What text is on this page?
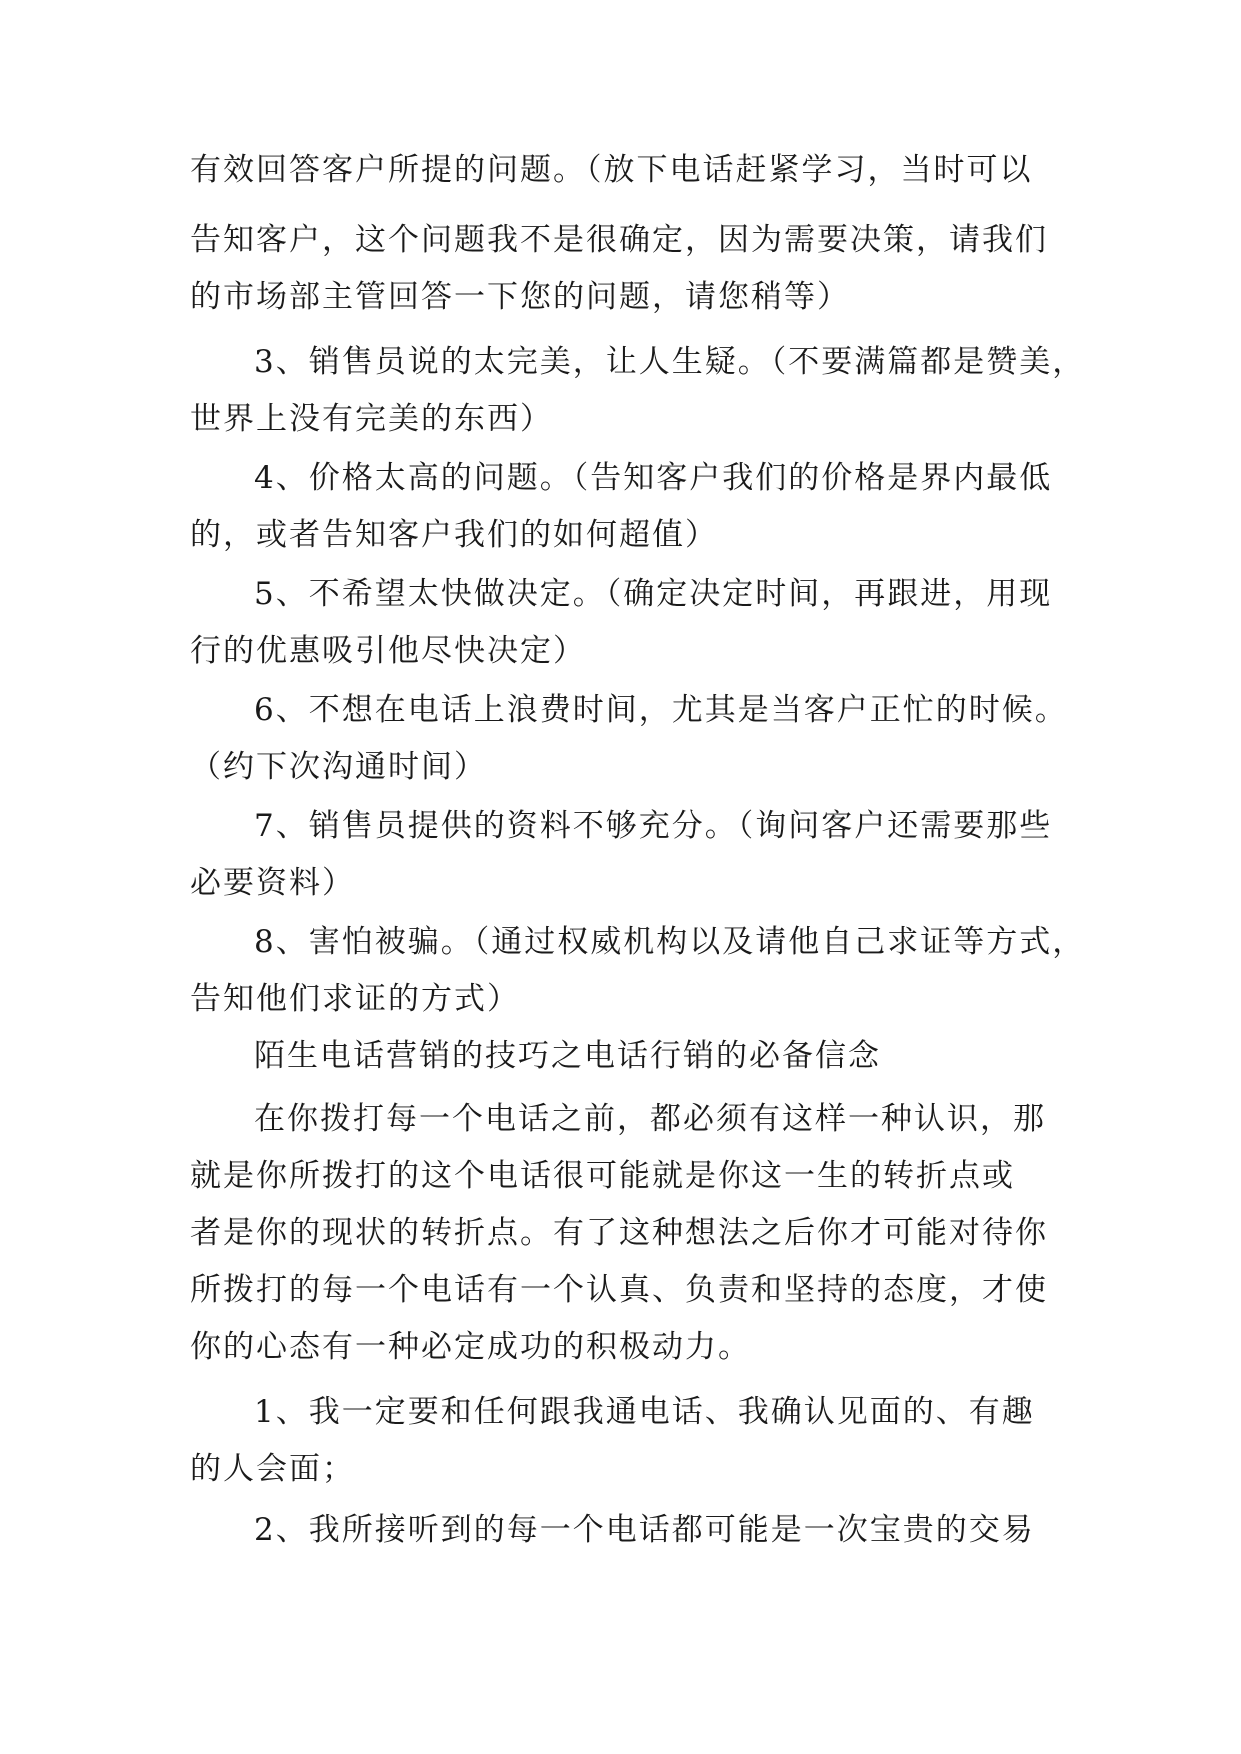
有效回答客户所提的问题。（放下电话赶紧学习，当时可以
告知客户，这个问题我不是很确定，因为需要决策，请我们
的市场部主管回答一下您的问题，请您稍等）
3、销售员说的太完美，让人生疑。（不要满篇都是赞美，
世界上没有完美的东西）
4、价格太高的问题。（告知客户我们的价格是界内最低
的，或者告知客户我们的如何超值）
5、不希望太快做决定。（确定决定时间，再跟进，用现
行的优惠吸引他尽快决定）
6、不想在电话上浪费时间，尤其是当客户正忙的时候。
（约下次沟通时间）
7、销售员提供的资料不够充分。（询问客户还需要那些
必要资料）
8、害怕被骗。（通过权威机构以及请他自己求证等方式，
告知他们求证的方式）
陌生电话营销的技巧之电话行销的必备信念
在你拨打每一个电话之前，都必须有这样一种认识，那
就是你所拨打的这个电话很可能就是你这一生的转折点或
者是你的现状的转折点。有了这种想法之后你才可能对待你
所拨打的每一个电话有一个认真、负责和坚持的态度，才使
你的心态有一种必定成功的积极动力。
1、我一定要和任何跟我通电话、我确认见面的、有趣
的人会面；
2、我所接听到的每一个电话都可能是一次宝贵的交易
